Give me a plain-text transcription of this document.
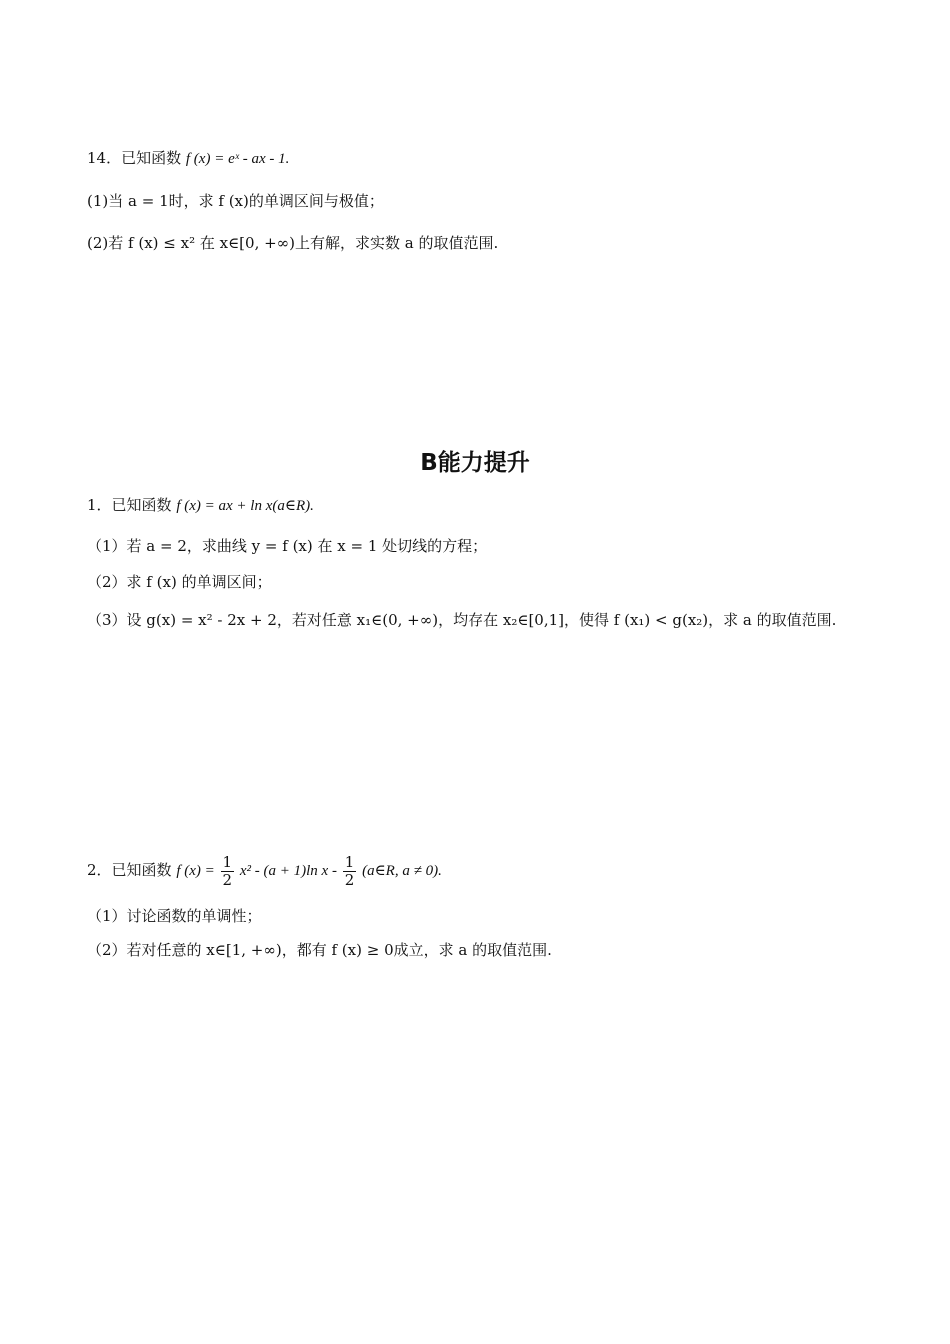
14．已知函数 f (x) = eˣ - ax - 1.
(1)当 a = 1时，求 f (x)的单调区间与极值；
(2)若 f (x) ≤ x² 在 x∈[0, +∞)上有解，求实数 a 的取值范围.
B能力提升
1．已知函数 f (x) = ax + ln x(a∈R).
（1）若 a = 2，求曲线 y = f (x) 在 x = 1 处切线的方程；
（2）求 f (x) 的单调区间；
（3）设 g(x) = x² - 2x + 2，若对任意 x₁∈(0, +∞)，均存在 x₂∈[0,1]，使得 f (x₁) < g(x₂)，求 a 的取值范围.
2．已知函数 f $(x) = \frac{1}{2} x^2 - (a + 1)\ln$ x - $\frac{1}{2}$ (a∈R, a ≠ 0).
（1）讨论函数的单调性；
（2）若对任意的 x∈[1, +∞)，都有 f (x) ≥ 0成立，求 a 的取值范围.
